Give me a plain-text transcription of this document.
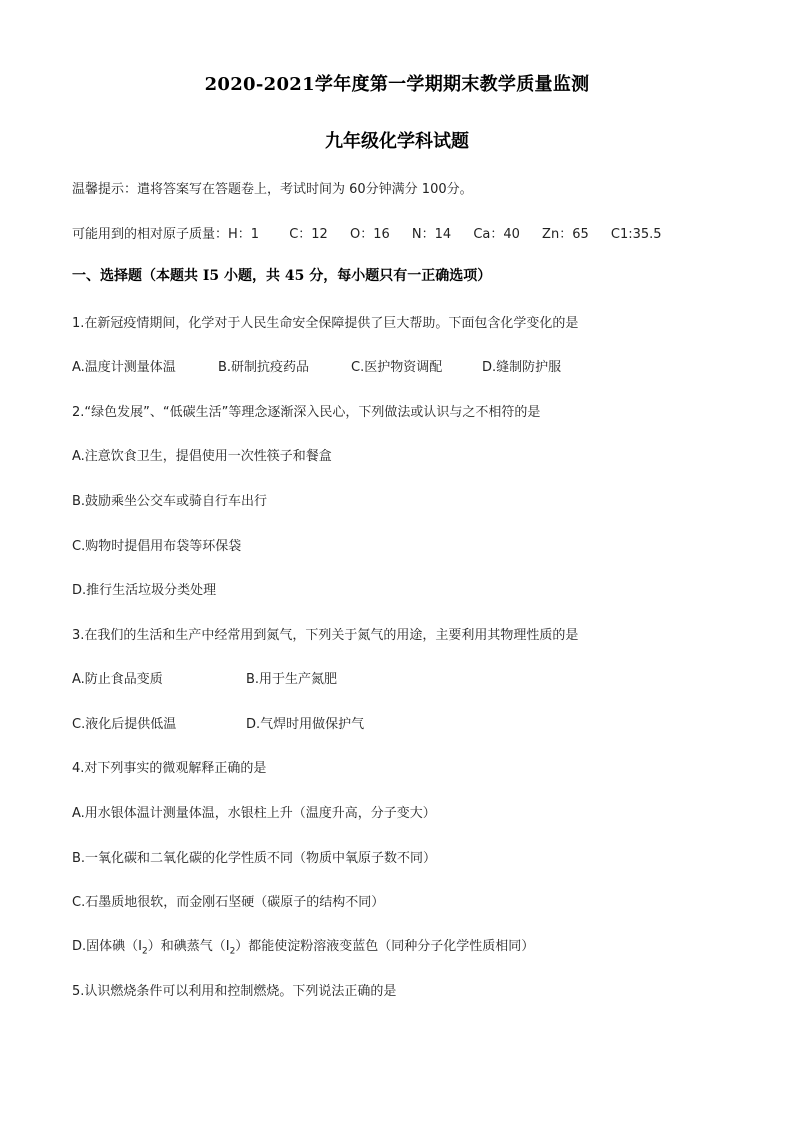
2020-2021学年度第一学期期末教学质量监测
九年级化学科试题
温馨提示：遣将答案写在答题卷上，考试时间为 60分钟满分 100分。
可能用到的相对原子质量：H：1 C：12 O：16 N：14 Ca：40 Zn：65 C1:35.5
一、选择题（本题共 I5 小题，共 45 分，每小题只有一正确选项）
1.在新冠疫情期间，化学对于人民生命安全保障提供了巨大帮助。下面包含化学变化的是
A.温度计测量体温	B.研制抗疫药品	C.医护物资调配	D.缝制防护服
2.“绿色发展”、“低碳生活”等理念逐渐深入民心，下列做法或认识与之不相符的是
A.注意饮食卫生，提倡使用一次性筷子和餐盒
B.鼓励乘坐公交车或骑自行车出行
C.购物时提倡用布袋等环保袋
D.推行生活垃圾分类处理
3.在我们的生活和生产中经常用到氮气，下列关于氮气的用途，主要利用其物理性质的是
A.防止食品变质	B.用于生产氮肥
C.液化后提供低温	D.气焊时用做保护气
4.对下列事实的微观解释正确的是
A.用水银体温计测量体温，水银柱上升（温度升高，分子变大）
B.一氧化碳和二氧化碳的化学性质不同（物质中氧原子数不同）
C.石墨质地很软，而金刚石坚硬（碳原子的结构不同）
D.固体碘$(I_2)$和碘蒸气$(I_2)$都能使淀粉溶液变蓝色（同种分子化学性质相同）
5.认识燃烧条件可以利用和控制燃烧。下列说法正确的是
